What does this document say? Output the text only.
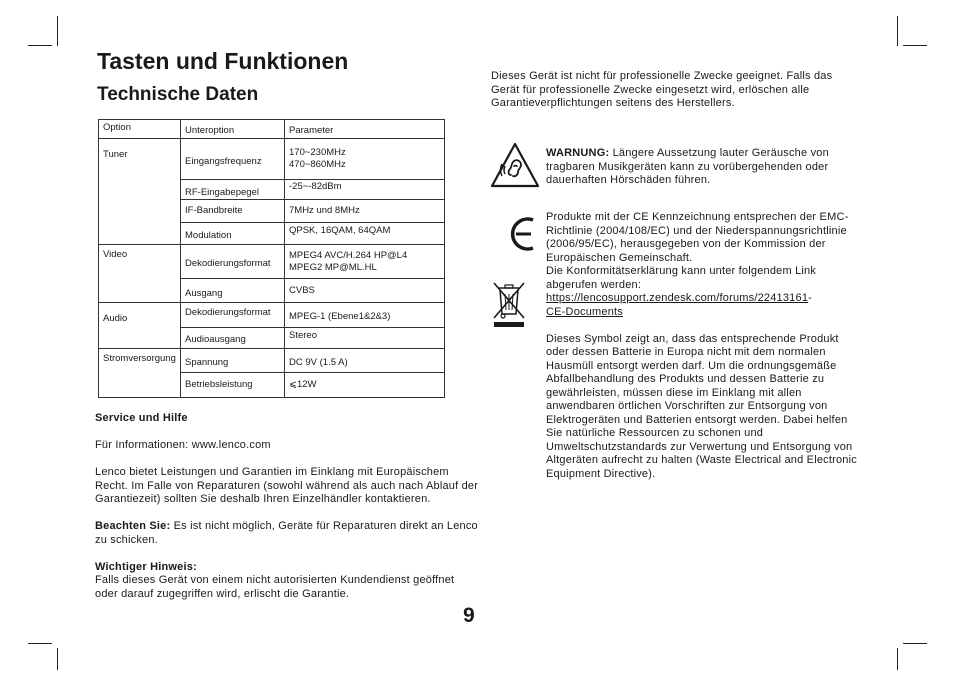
Tasten und Funktionen
Technische Daten
Option	Unteroption	Parameter
Tuner	Eingangsfrequenz	170~230MHz
470~860MHz

	RF-Eingabepegel	-25~-82dBm
	IF-Bandbreite	7MHz und 8MHz
	Modulation	QPSK, 16QAM, 64QAM
Video	Dekodierungsformat	MPEG4 AVC/H.264 HP@L4
MPEG2 MP@ML.HL

	Ausgang	CVBS
Audio	Dekodierungsformat	MPEG-1 (Ebene1&2&3)
	Audioausgang	Stereo
Stromversorgung	Spannung	DC 9V (1.5 A)
	Betriebsleistung	⩽12W

Service und Hilfe

Für Informationen: www.lenco.com

Lenco bietet Leistungen und Garantien im Einklang mit Europäischem Recht. Im Falle von Reparaturen (sowohl während als auch nach Ablauf der Garantiezeit) sollten Sie deshalb Ihren Einzelhändler kontaktieren.

Beachten Sie: Es ist nicht möglich, Geräte für Reparaturen direkt an Lenco zu schicken.

Wichtiger Hinweis:

Falls dieses Gerät von einem nicht autorisierten Kundendienst geöffnet oder darauf zugegriffen wird, erlischt die Garantie.

9
Dieses Gerät ist nicht für professionelle Zwecke geeignet. Falls das Gerät für professionelle Zwecke eingesetzt wird, erlöschen alle Garantieverpflichtungen seitens des Herstellers.
WARNUNG: Längere Aussetzung lauter Geräusche von tragbaren Musikgeräten kann zu vorübergehenden oder dauerhaften Hörschäden führen.

Produkte mit der CE Kennzeichnung entsprechen der EMC-Richtlinie (2004/108/EC) und der Niederspannungsrichtlinie (2006/95/EC), herausgegeben von der Kommission der Europäischen Gemeinschaft.

Die Konformitätserklärung kann unter folgendem Link abgerufen werden:

https://lencosupport.zendesk.com/forums/22413161-
CE-Documents

Dieses Symbol zeigt an, dass das entsprechende Produkt oder dessen Batterie in Europa nicht mit dem normalen Hausmüll entsorgt werden darf. Um die ordnungsgemäße Abfallbehandlung des Produkts und dessen Batterie zu gewährleisten, müssen diese im Einklang mit allen anwendbaren örtlichen Vorschriften zur Entsorgung von Elektrogeräten und Batterien entsorgt werden. Dabei helfen Sie natürliche Ressourcen zu schonen und Umweltschutzstandards zur Verwertung und Entsorgung von Altgeräten aufrecht zu halten (Waste Electrical and Electronic Equipment Directive).
